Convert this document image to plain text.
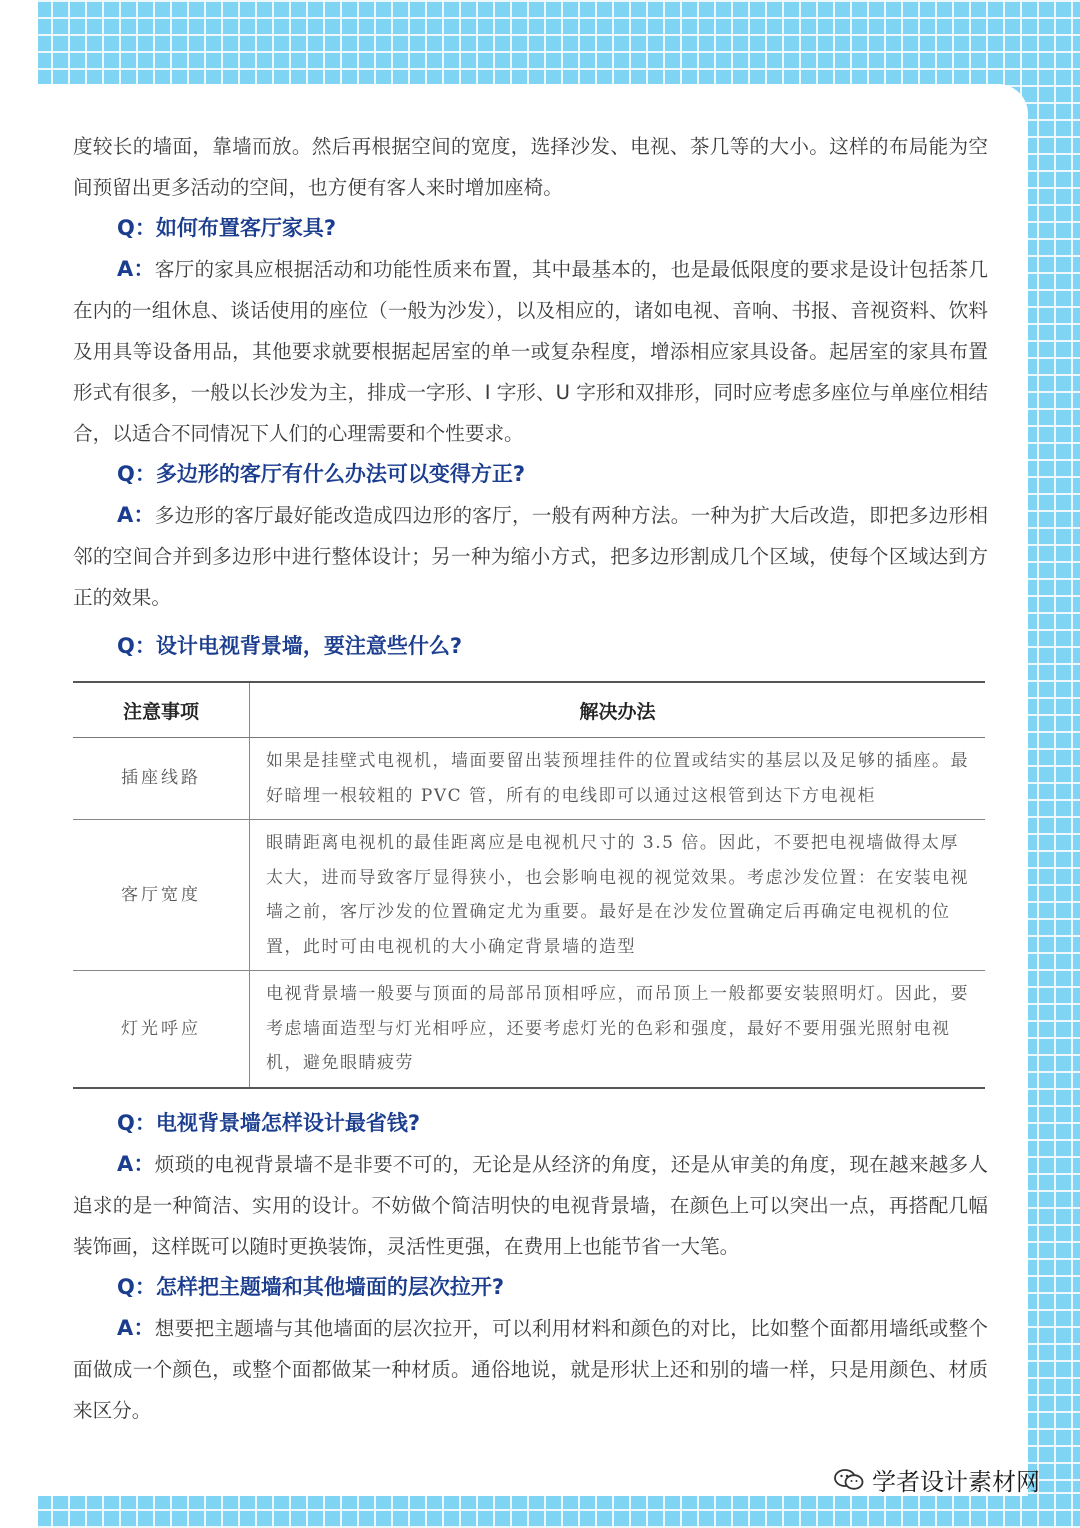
度较长的墙面，靠墙而放。然后再根据空间的宽度，选择沙发、电视、茶几等的大小。这样的布局能为空间预留出更多活动的空间，也方便有客人来时增加座椅。

Q：如何布置客厅家具?

A：客厅的家具应根据活动和功能性质来布置，其中最基本的，也是最低限度的要求是设计包括茶几在内的一组休息、谈话使用的座位（一般为沙发），以及相应的，诸如电视、音响、书报、音视资料、饮料及用具等设备用品，其他要求就要根据起居室的单一或复杂程度，增添相应家具设备。起居室的家具布置形式有很多，一般以长沙发为主，排成一字形、I 字形、U 字形和双排形，同时应考虑多座位与单座位相结合，以适合不同情况下人们的心理需要和个性要求。

Q：多边形的客厅有什么办法可以变得方正?

A：多边形的客厅最好能改造成四边形的客厅，一般有两种方法。一种为扩大后改造，即把多边形相邻的空间合并到多边形中进行整体设计；另一种为缩小方式，把多边形割成几个区域，使每个区域达到方正的效果。

Q：设计电视背景墙，要注意些什么?
注意事项	解决办法
插座线路	如果是挂壁式电视机，墙面要留出装预埋挂件的位置或结实的基层以及足够的插座。最好暗埋一根较粗的 PVC 管，所有的电线即可以通过这根管到达下方电视柜
客厅宽度	眼睛距离电视机的最佳距离应是电视机尺寸的 3.5 倍。因此，不要把电视墙做得太厚太大，进而导致客厅显得狭小，也会影响电视的视觉效果。考虑沙发位置：在安装电视墙之前，客厅沙发的位置确定尤为重要。最好是在沙发位置确定后再确定电视机的位置，此时可由电视机的大小确定背景墙的造型
灯光呼应	电视背景墙一般要与顶面的局部吊顶相呼应，而吊顶上一般都要安装照明灯。因此，要考虑墙面造型与灯光相呼应，还要考虑灯光的色彩和强度，最好不要用强光照射电视机，避免眼睛疲劳
Q：电视背景墙怎样设计最省钱?

A：烦琐的电视背景墙不是非要不可的，无论是从经济的角度，还是从审美的角度，现在越来越多人追求的是一种简洁、实用的设计。不妨做个简洁明快的电视背景墙，在颜色上可以突出一点，再搭配几幅装饰画，这样既可以随时更换装饰，灵活性更强，在费用上也能节省一大笔。

Q：怎样把主题墙和其他墙面的层次拉开?

A：想要把主题墙与其他墙面的层次拉开，可以利用材料和颜色的对比，比如整个面都用墙纸或整个面做成一个颜色，或整个面都做某一种材质。通俗地说，就是形状上还和别的墙一样，只是用颜色、材质来区分。

学者设计素材网
